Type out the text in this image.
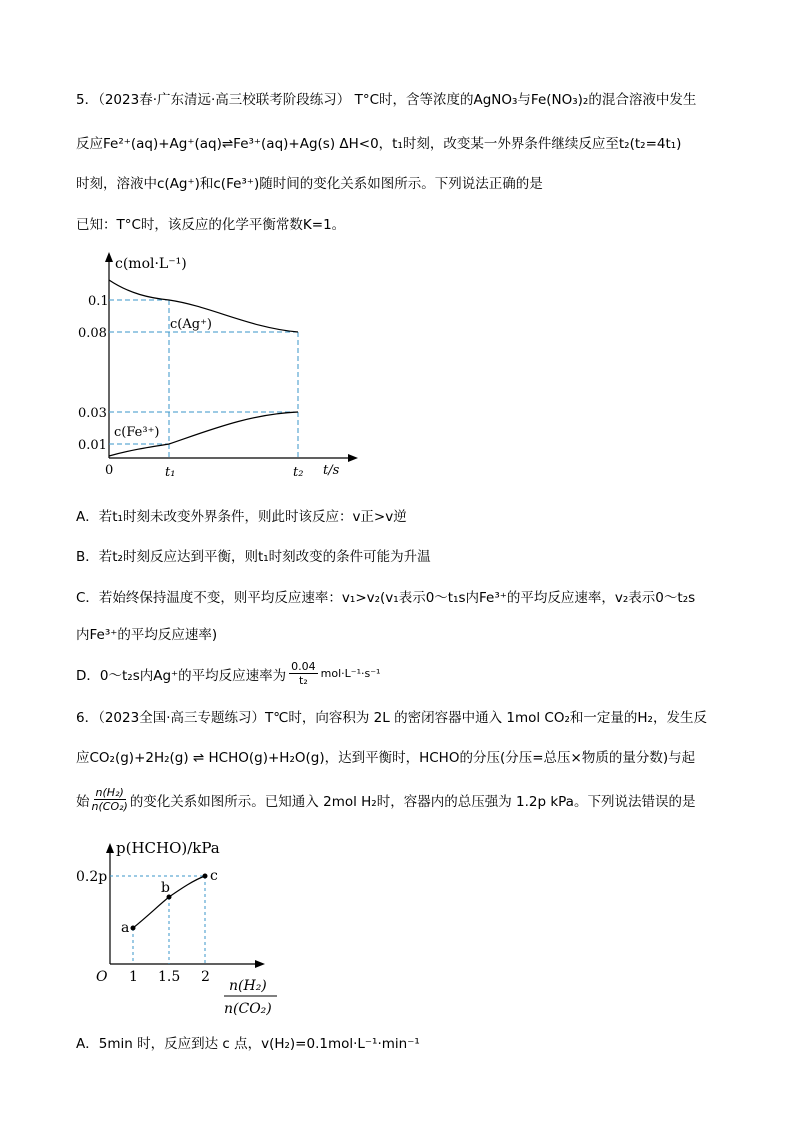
5．（2023春·广东清远·高三校联考阶段练习） T°C时，含等浓度的AgNO₃与Fe(NO₃)₂的混合溶液中发生
反应Fe²⁺(aq)+Ag⁺(aq)⇌Fe³⁺(aq)+Ag(s) ΔH<0，t₁时刻，改变某一外界条件继续反应至t₂(t₂=4t₁)
时刻，溶液中c(Ag⁺)和c(Fe³⁺)随时间的变化关系如图所示。下列说法正确的是
已知：T°C时，该反应的化学平衡常数K=1。
c(mol·L⁻¹)
0.1
0.08
0.03
0.01
0	t₁	t₂ t/s
c(Ag⁺)
c(Fe³⁺)
A．若t₁时刻未改变外界条件，则此时该反应：v正>v逆
B．若t₂时刻反应达到平衡，则t₁时刻改变的条件可能为升温
C．若始终保持温度不变，则平均反应速率：v₁>v₂(v₁表示0～t₁s内Fe³⁺的平均反应速率，v₂表示0～t₂s
内Fe³⁺的平均反应速率)
D．0～t₂s内Ag⁺的平均反应速率为 $\frac{0.04}{\text{t₂}} mol\cdot L^{-1}\cdot s^{-1}$
6．（2023全国·高三专题练习）T℃时，向容积为 2L 的密闭容器中通入 1mol CO₂和一定量的H₂，发生反
应CO₂(g)+2H₂(g) ⇌ HCHO(g)+H₂O(g)，达到平衡时，HCHO的分压(分压=总压×物质的量分数)与起
始 $\frac{\text{n(H₂)}}{\text{n(CO₂)}}$ 的变化关系如图所示。已知通入 2mol H₂时，容器内的总压强为 1.2p kPa。下列说法错误的是
p(HCHO)/kPa
0.2p
O 1 1.5 2
a
b
c
n(H₂)
n(CO₂)
A．5min 时，反应到达 c 点，v(H₂)=0.1mol·L⁻¹·min⁻¹
